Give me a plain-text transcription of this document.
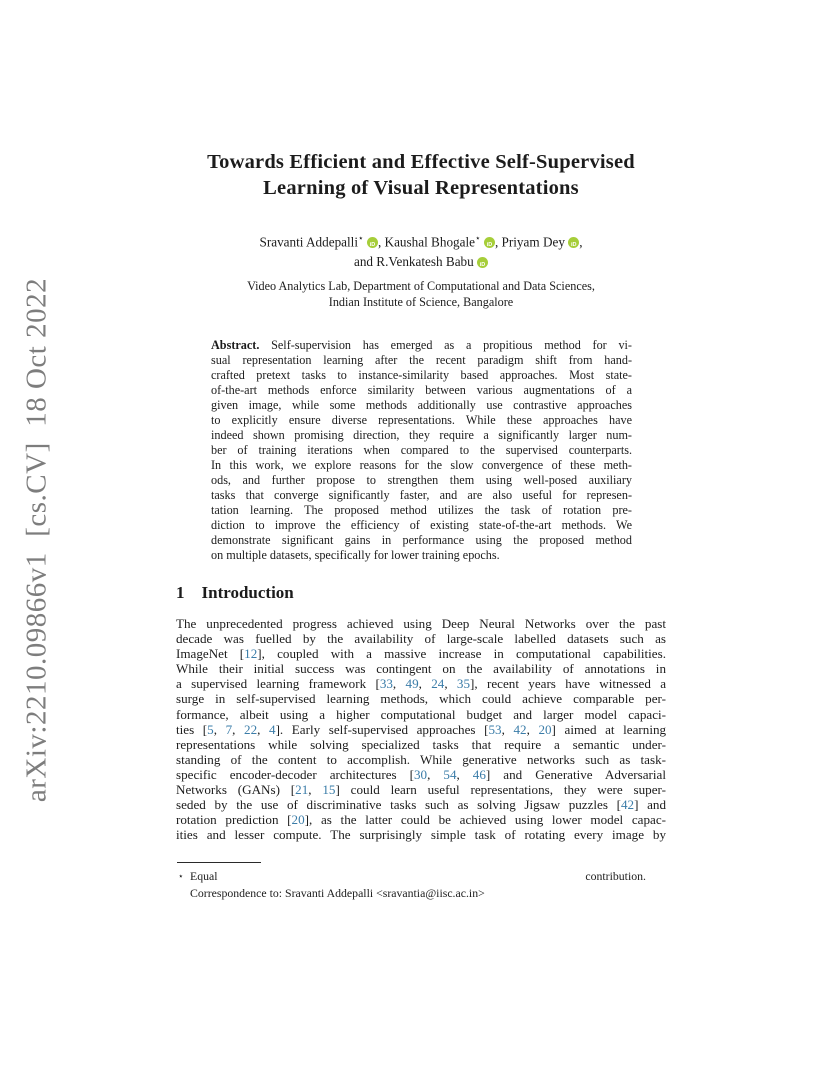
arXiv:2210.09866v1  [cs.CV]  18 Oct 2022
Towards Efficient and Effective Self-Supervised
Learning of Visual Representations
Sravanti Addepalli⋆ iD , Kaushal Bhogale⋆ iD , Priyam Dey iD ,
and R.Venkatesh Babu iD
Video Analytics Lab, Department of Computational and Data Sciences,
Indian Institute of Science, Bangalore
Abstract. Self-supervision has emerged as a propitious method for vi-
sual representation learning after the recent paradigm shift from hand-
crafted pretext tasks to instance-similarity based approaches. Most state-
of-the-art methods enforce similarity between various augmentations of a
given image, while some methods additionally use contrastive approaches
to explicitly ensure diverse representations. While these approaches have
indeed shown promising direction, they require a significantly larger num-
ber of training iterations when compared to the supervised counterparts.
In this work, we explore reasons for the slow convergence of these meth-
ods, and further propose to strengthen them using well-posed auxiliary
tasks that converge significantly faster, and are also useful for represen-
tation learning. The proposed method utilizes the task of rotation pre-
diction to improve the efficiency of existing state-of-the-art methods. We
demonstrate significant gains in performance using the proposed method
on multiple datasets, specifically for lower training epochs.
1 Introduction
The unprecedented progress achieved using Deep Neural Networks over the past
decade was fuelled by the availability of large-scale labelled datasets such as
ImageNet [12], coupled with a massive increase in computational capabilities.
While their initial success was contingent on the availability of annotations in
a supervised learning framework [33, 49, 24, 35], recent years have witnessed a
surge in self-supervised learning methods, which could achieve comparable per-
formance, albeit using a higher computational budget and larger model capaci-
ties [5, 7, 22, 4]. Early self-supervised approaches [53, 42, 20] aimed at learning
representations while solving specialized tasks that require a semantic under-
standing of the content to accomplish. While generative networks such as task-
specific encoder-decoder architectures [30, 54, 46] and Generative Adversarial
Networks (GANs) [21, 15] could learn useful representations, they were super-
seded by the use of discriminative tasks such as solving Jigsaw puzzles [42] and
rotation prediction [20], as the latter could be achieved using lower model capac-
ities and lesser compute. The surprisingly simple task of rotating every image by
⋆ Equal contribution.
Correspondence to: Sravanti Addepalli <sravantia@iisc.ac.in>
